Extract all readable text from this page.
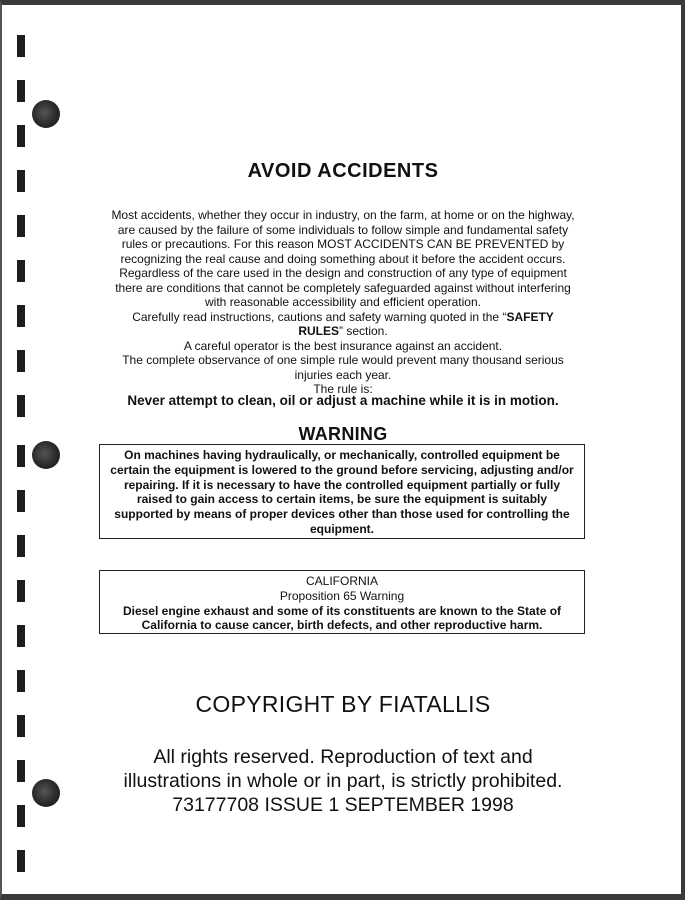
AVOID ACCIDENTS

Most accidents, whether they occur in industry, on the farm, at home or on the highway,

are caused by the failure of some individuals to follow simple and fundamental safety

rules or precautions. For this reason MOST ACCIDENTS CAN BE PREVENTED by

recognizing the real cause and doing something about it before the accident occurs.

Regardless of the care used in the design and construction of any type of equipment

there are conditions that cannot be completely safeguarded against without interfering

with reasonable accessibility and efficient operation.

Carefully read instructions, cautions and safety warning quoted in the “SAFETY

RULES” section.

A careful operator is the best insurance against an accident.

The complete observance of one simple rule would prevent many thousand serious

injuries each year.

The rule is:

Never attempt to clean, oil or adjust a machine while it is in motion.
WARNING
On machines having hydraulically, or mechanically, controlled equipment be certain the equipment is lowered to the ground before servicing, adjusting and/or repairing. If it is necessary to have the controlled equipment partially or fully raised to gain access to certain items, be sure the equipment is suitably supported by means of proper devices other than those used for controlling the equipment.
CALIFORNIA
Proposition 65 Warning
Diesel engine exhaust and some of its constituents are known to the State of California to cause cancer, birth defects, and other reproductive harm.
COPYRIGHT BY FIATALLIS
All rights reserved. Reproduction of text and
illustrations in whole or in part, is strictly prohibited.
73177708 ISSUE 1 SEPTEMBER 1998
